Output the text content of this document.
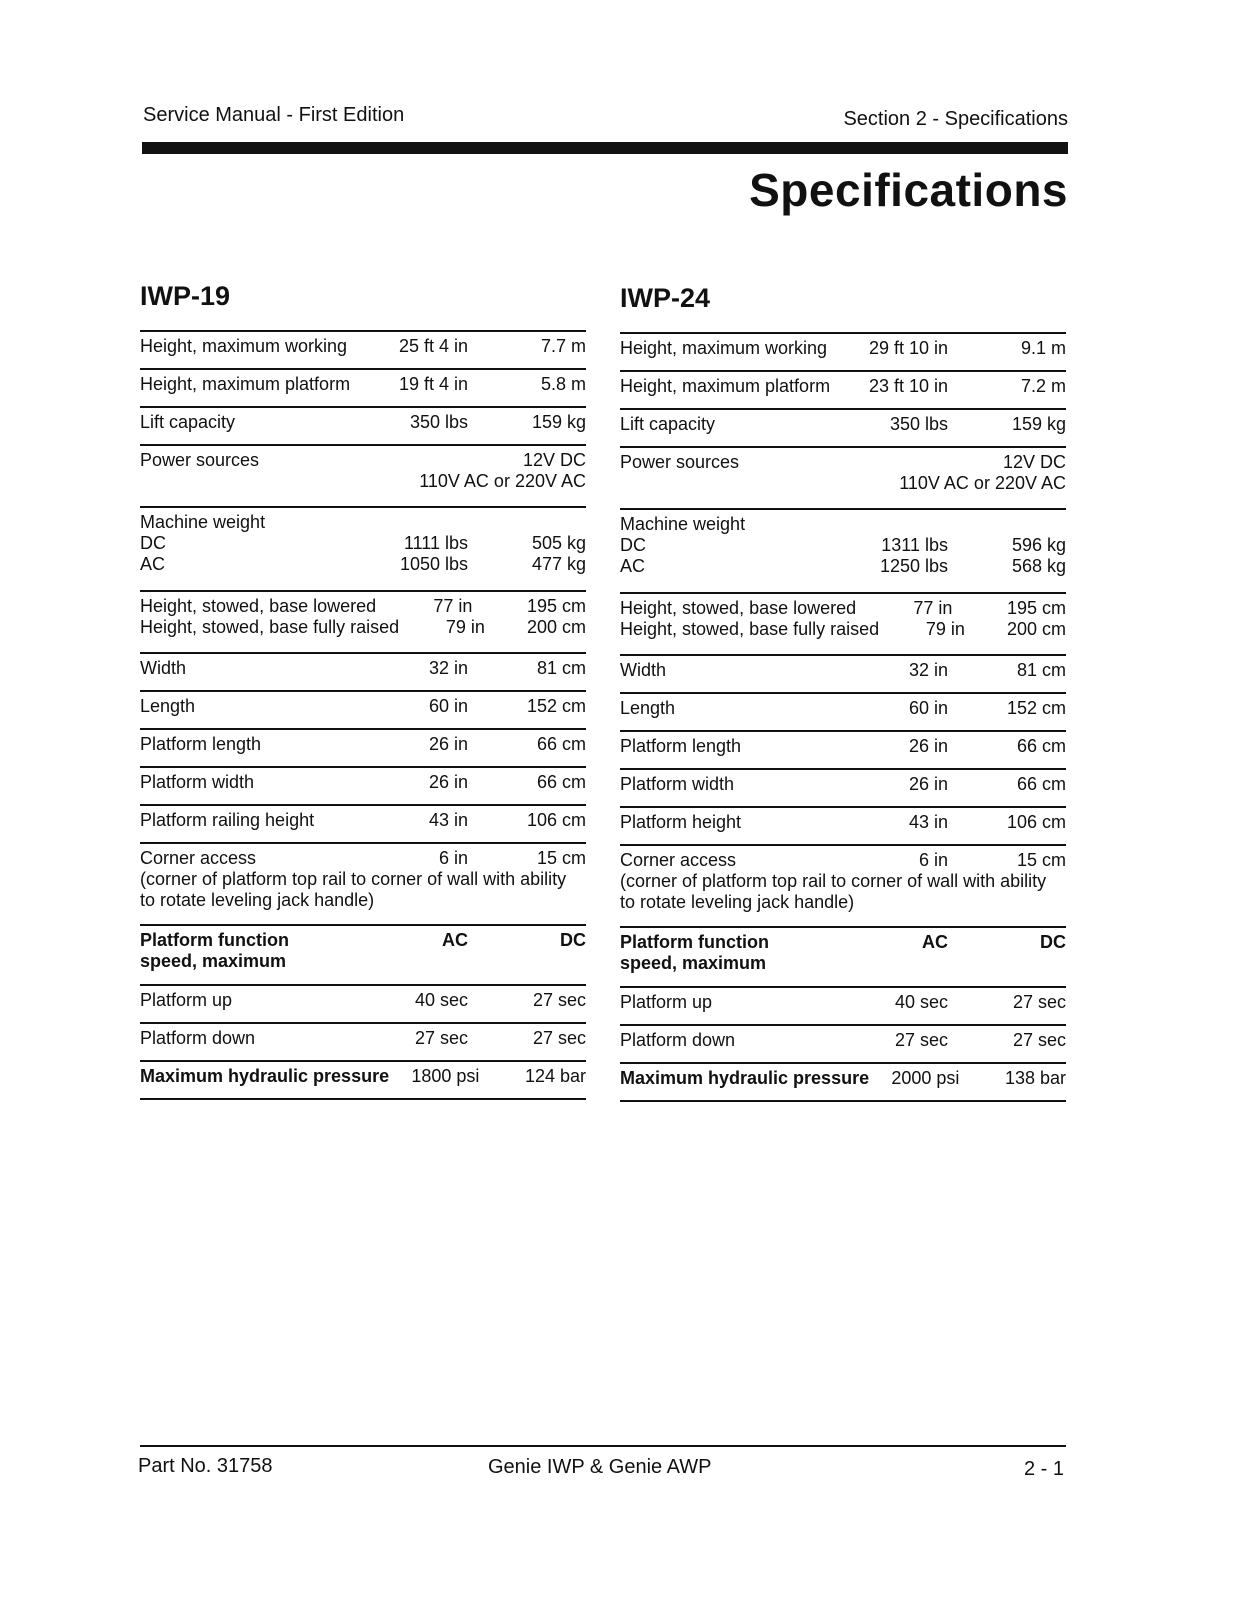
Service Manual - First Edition	Section 2 - Specifications
Specifications
IWP-19
Height, maximum working	25 ft 4 in	7.7 m
Height, maximum platform	19 ft 4 in	5.8 m
Lift capacity	350 lbs	159 kg
Power sources	12V DC
110V AC or 220V AC
Machine weight
DC	1111 lbs	505 kg
AC	1050 lbs	477 kg
Height, stowed, base lowered	77 in	195 cm
Height, stowed, base fully raised	79 in	200 cm
Width	32 in	81 cm
Length	60 in	152 cm
Platform length	26 in	66 cm
Platform width	26 in	66 cm
Platform railing height	43 in	106 cm
Corner access	6 in	15 cm
(corner of platform top rail to corner of wall with ability
to rotate leveling jack handle)
Platform function	AC	DC
speed, maximum
Platform up	40 sec	27 sec
Platform down	27 sec	27 sec
Maximum hydraulic pressure	1800 psi	124 bar
IWP-24
Height, maximum working	29 ft 10 in	9.1 m
Height, maximum platform	23 ft 10 in	7.2 m
Lift capacity	350 lbs	159 kg
Power sources	12V DC
110V AC or 220V AC
Machine weight
DC	1311 lbs	596 kg
AC	1250 lbs	568 kg
Height, stowed, base lowered	77 in	195 cm
Height, stowed, base fully raised	79 in	200 cm
Width	32 in	81 cm
Length	60 in	152 cm
Platform length	26 in	66 cm
Platform width	26 in	66 cm
Platform height	43 in	106 cm
Corner access	6 in	15 cm
(corner of platform top rail to corner of wall with ability
to rotate leveling jack handle)
Platform function	AC	DC
speed, maximum
Platform up	40 sec	27 sec
Platform down	27 sec	27 sec
Maximum hydraulic pressure	2000 psi	138 bar
Part No. 31758	Genie IWP & Genie AWP	2 - 1
